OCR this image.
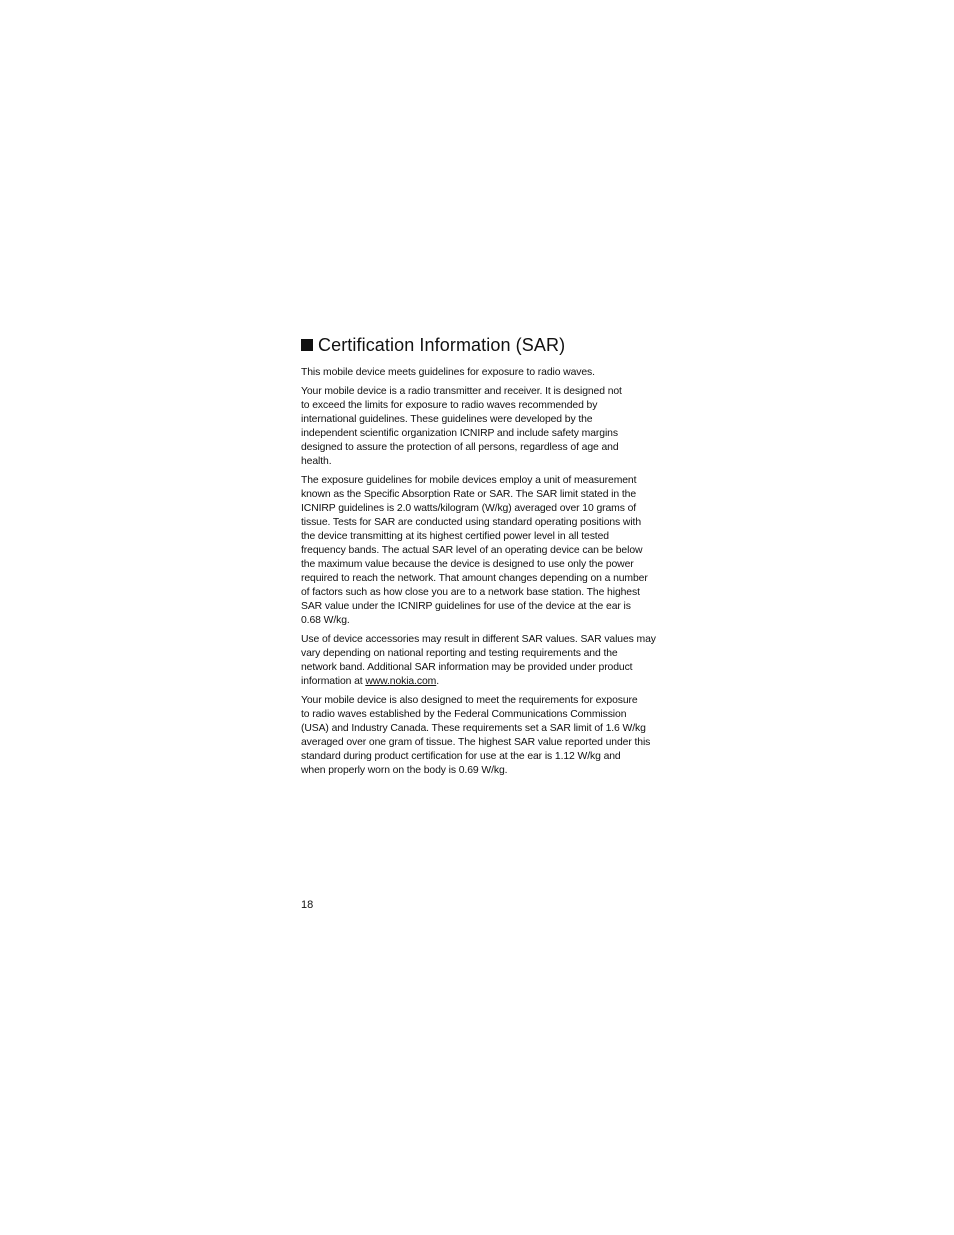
Certification Information (SAR)

This mobile device meets guidelines for exposure to radio waves.

Your mobile device is a radio transmitter and receiver. It is designed not
to exceed the limits for exposure to radio waves recommended by
international guidelines. These guidelines were developed by the
independent scientific organization ICNIRP and include safety margins
designed to assure the protection of all persons, regardless of age and
health.

The exposure guidelines for mobile devices employ a unit of measurement
known as the Specific Absorption Rate or SAR. The SAR limit stated in the
ICNIRP guidelines is 2.0 watts/kilogram (W/kg) averaged over 10 grams of
tissue. Tests for SAR are conducted using standard operating positions with
the device transmitting at its highest certified power level in all tested
frequency bands. The actual SAR level of an operating device can be below
the maximum value because the device is designed to use only the power
required to reach the network. That amount changes depending on a number
of factors such as how close you are to a network base station. The highest
SAR value under the ICNIRP guidelines for use of the device at the ear is
0.68 W/kg.

Use of device accessories may result in different SAR values. SAR values may
vary depending on national reporting and testing requirements and the
network band. Additional SAR information may be provided under product
information at www.nokia.com.

Your mobile device is also designed to meet the requirements for exposure
to radio waves established by the Federal Communications Commission
(USA) and Industry Canada. These requirements set a SAR limit of 1.6 W/kg
averaged over one gram of tissue. The highest SAR value reported under this
standard during product certification for use at the ear is 1.12 W/kg and
when properly worn on the body is 0.69 W/kg.

18
